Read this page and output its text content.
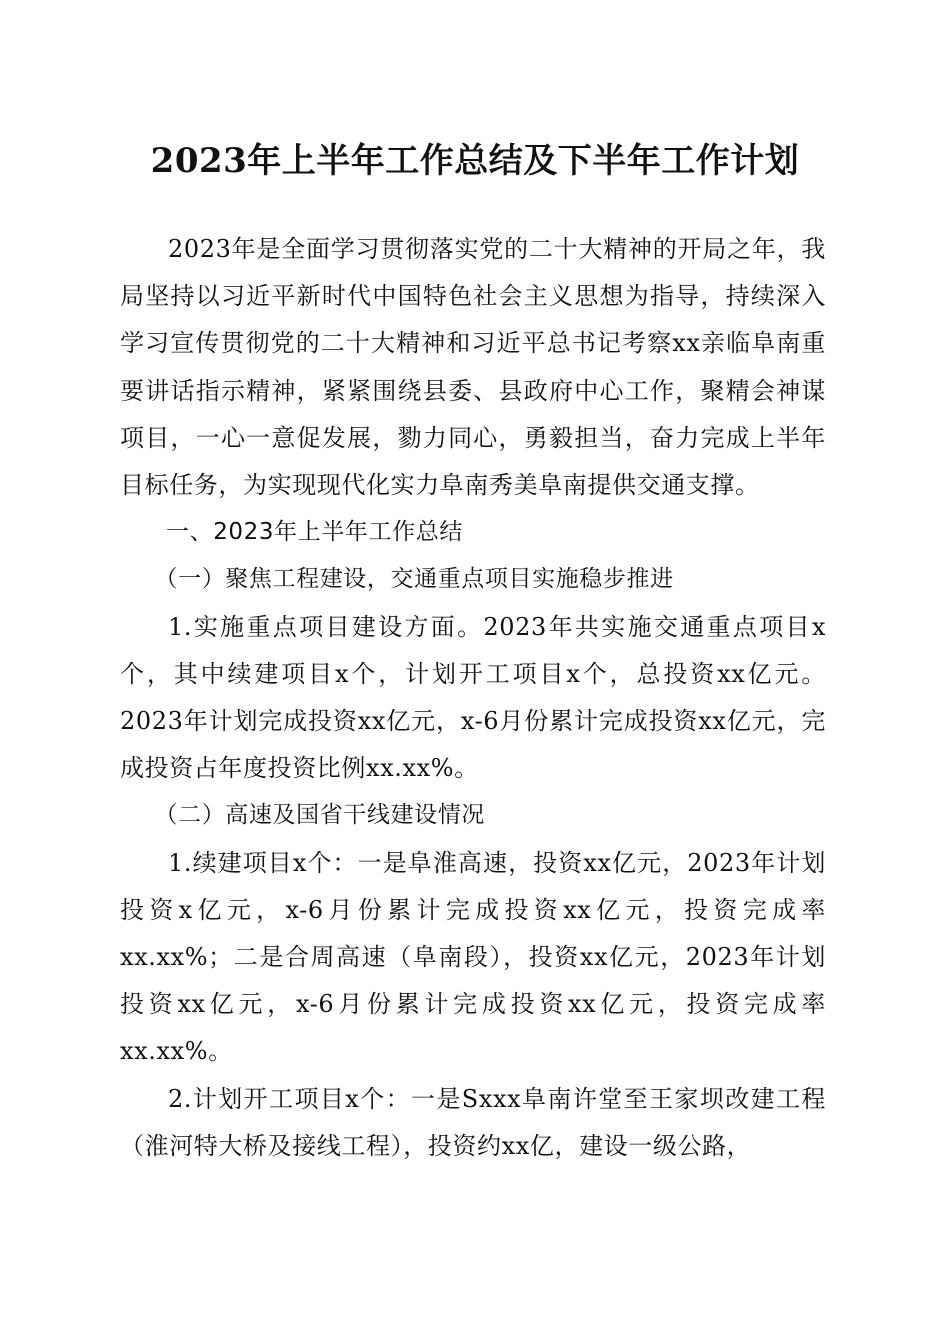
2023年上半年工作总结及下半年工作计划

2023年是全面学习贯彻落实党的二十大精神的开局之年，我局坚持以习近平新时代中国特色社会主义思想为指导，持续深入学习宣传贯彻党的二十大精神和习近平总书记考察xx亲临阜南重要讲话指示精神，紧紧围绕县委、县政府中心工作，聚精会神谋项目，一心一意促发展，勠力同心，勇毅担当，奋力完成上半年目标任务，为实现现代化实力阜南秀美阜南提供交通支撑。

一、2023年上半年工作总结

（一）聚焦工程建设，交通重点项目实施稳步推进

1.实施重点项目建设方面。2023年共实施交通重点项目x个，其中续建项目x个，计划开工项目x个，总投资xx亿元。2023年计划完成投资xx亿元，x-6月份累计完成投资xx亿元，完成投资占年度投资比例xx.xx%。

（二）高速及国省干线建设情况

1.续建项目x个：一是阜淮高速，投资xx亿元，2023年计划投资x亿元，x-6月份累计完成投资xx亿元，投资完成率xx.xx%；二是合周高速（阜南段），投资xx亿元，2023年计划投资xx亿元，x-6月份累计完成投资xx亿元，投资完成率xx.xx%。

2.计划开工项目x个：一是Sxxx阜南许堂至王家坝改建工程（淮河特大桥及接线工程），投资约xx亿，建设一级公路，
